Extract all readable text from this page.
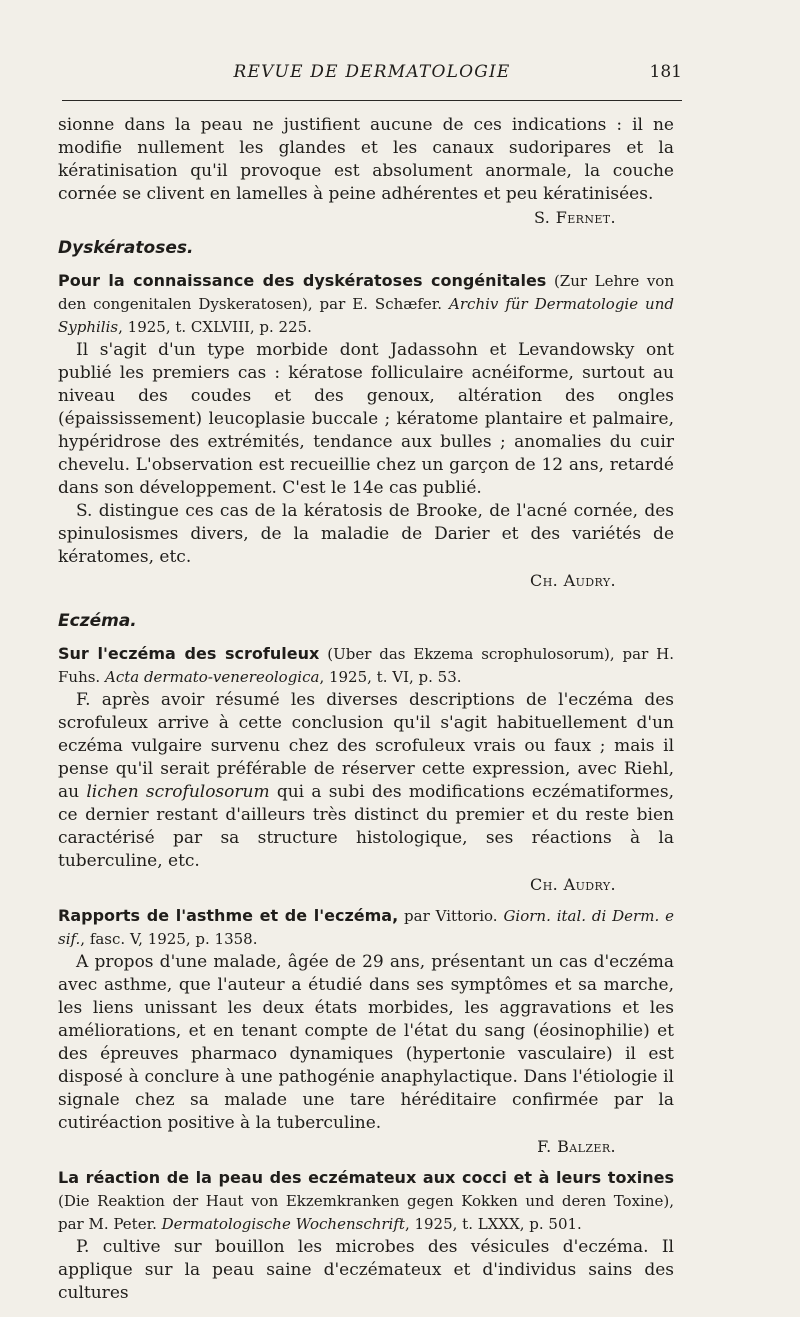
REVUE DE DERMATOLOGIE	181

sionne dans la peau ne justifient aucune de ces indications : il ne modifie nullement les glandes et les canaux sudoripares et la kératinisation qu'il provoque est absolument anormale, la couche cornée se clivent en lamelles à peine adhérentes et peu kératinisées.

S. Fernet.

Dyskératoses.

Pour la connaissance des dyskératoses congénitales (Zur Lehre von den congenitalen Dyskeratosen), par E. Schæfer. Archiv für Dermatologie und Syphilis, 1925, t. CXLVIII, p. 225.

Il s'agit d'un type morbide dont Jadassohn et Levandowsky ont publié les premiers cas : kératose folliculaire acnéiforme, surtout au niveau des coudes et des genoux, altération des ongles (épaississement) leucoplasie buccale ; kératome plantaire et palmaire, hypéridrose des extrémités, tendance aux bulles ; anomalies du cuir chevelu. L'observation est recueillie chez un garçon de 12 ans, retardé dans son développement. C'est le 14e cas publié.

S. distingue ces cas de la kératosis de Brooke, de l'acné cornée, des spinulosismes divers, de la maladie de Darier et des variétés de kératomes, etc.

Ch. Audry.

Eczéma.

Sur l'eczéma des scrofuleux (Uber das Ekzema scrophulosorum), par H. Fuhs. Acta dermato-venereologica, 1925, t. VI, p. 53.

F. après avoir résumé les diverses descriptions de l'eczéma des scrofuleux arrive à cette conclusion qu'il s'agit habituellement d'un eczéma vulgaire survenu chez des scrofuleux vrais ou faux ; mais il pense qu'il serait préférable de réserver cette expression, avec Riehl, au lichen scrofulosorum qui a subi des modifications eczématiformes, ce dernier restant d'ailleurs très distinct du premier et du reste bien caractérisé par sa structure histologique, ses réactions à la tuberculine, etc.

Ch. Audry.

Rapports de l'asthme et de l'eczéma, par Vittorio. Giorn. ital. di Derm. e sif., fasc. V, 1925, p. 1358.

A propos d'une malade, âgée de 29 ans, présentant un cas d'eczéma avec asthme, que l'auteur a étudié dans ses symptômes et sa marche, les liens unissant les deux états morbides, les aggravations et les améliorations, et en tenant compte de l'état du sang (éosinophilie) et des épreuves pharmaco dynamiques (hypertonie vasculaire) il est disposé à conclure à une pathogénie anaphylactique. Dans l'étiologie il signale chez sa malade une tare héréditaire confirmée par la cutiréaction positive à la tuberculine.

F. Balzer.

La réaction de la peau des eczémateux aux cocci et à leurs toxines (Die Reaktion der Haut von Ekzemkranken gegen Kokken und deren Toxine), par M. Peter. Dermatologische Wochenschrift, 1925, t. LXXX, p. 501.

P. cultive sur bouillon les microbes des vésicules d'eczéma. Il applique sur la peau saine d'eczémateux et d'individus sains des cultures
